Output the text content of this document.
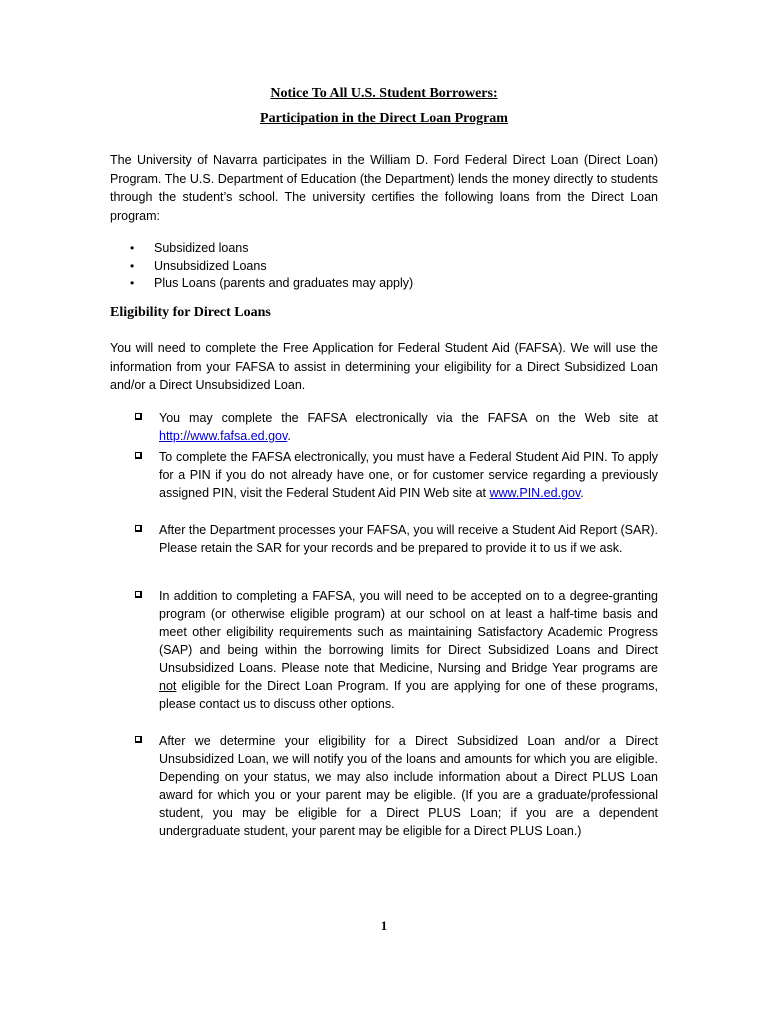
Notice To All U.S. Student Borrowers:
Participation in the Direct Loan Program

The University of Navarra participates in the William D. Ford Federal Direct Loan (Direct Loan) Program. The U.S. Department of Education (the Department) lends the money directly to students through the student’s school. The university certifies the following loans from the Direct Loan program:

• Subsidized loans
• Unsubsidized Loans
• Plus Loans (parents and graduates may apply)
Eligibility for Direct Loans

You will need to complete the Free Application for Federal Student Aid (FAFSA). We will use the information from your FAFSA to assist in determining your eligibility for a Direct Subsidized Loan and/or a Direct Unsubsidized Loan.

You may complete the FAFSA electronically via the FAFSA on the Web site at http://www.fafsa.ed.gov.
To complete the FAFSA electronically, you must have a Federal Student Aid PIN. To apply for a PIN if you do not already have one, or for customer service regarding a previously assigned PIN, visit the Federal Student Aid PIN Web site at www.PIN.ed.gov.
After the Department processes your FAFSA, you will receive a Student Aid Report (SAR). Please retain the SAR for your records and be prepared to provide it to us if we ask.
In addition to completing a FAFSA, you will need to be accepted on to a degree-granting program (or otherwise eligible program) at our school on at least a half-time basis and meet other eligibility requirements such as maintaining Satisfactory Academic Progress (SAP) and being within the borrowing limits for Direct Subsidized Loans and Direct Unsubsidized Loans. Please note that Medicine, Nursing and Bridge Year programs are not eligible for the Direct Loan Program. If you are applying for one of these programs, please contact us to discuss other options.
After we determine your eligibility for a Direct Subsidized Loan and/or a Direct Unsubsidized Loan, we will notify you of the loans and amounts for which you are eligible. Depending on your status, we may also include information about a Direct PLUS Loan award for which you or your parent may be eligible. (If you are a graduate/professional student, you may be eligible for a Direct PLUS Loan; if you are a dependent undergraduate student, your parent may be eligible for a Direct PLUS Loan.)
1
